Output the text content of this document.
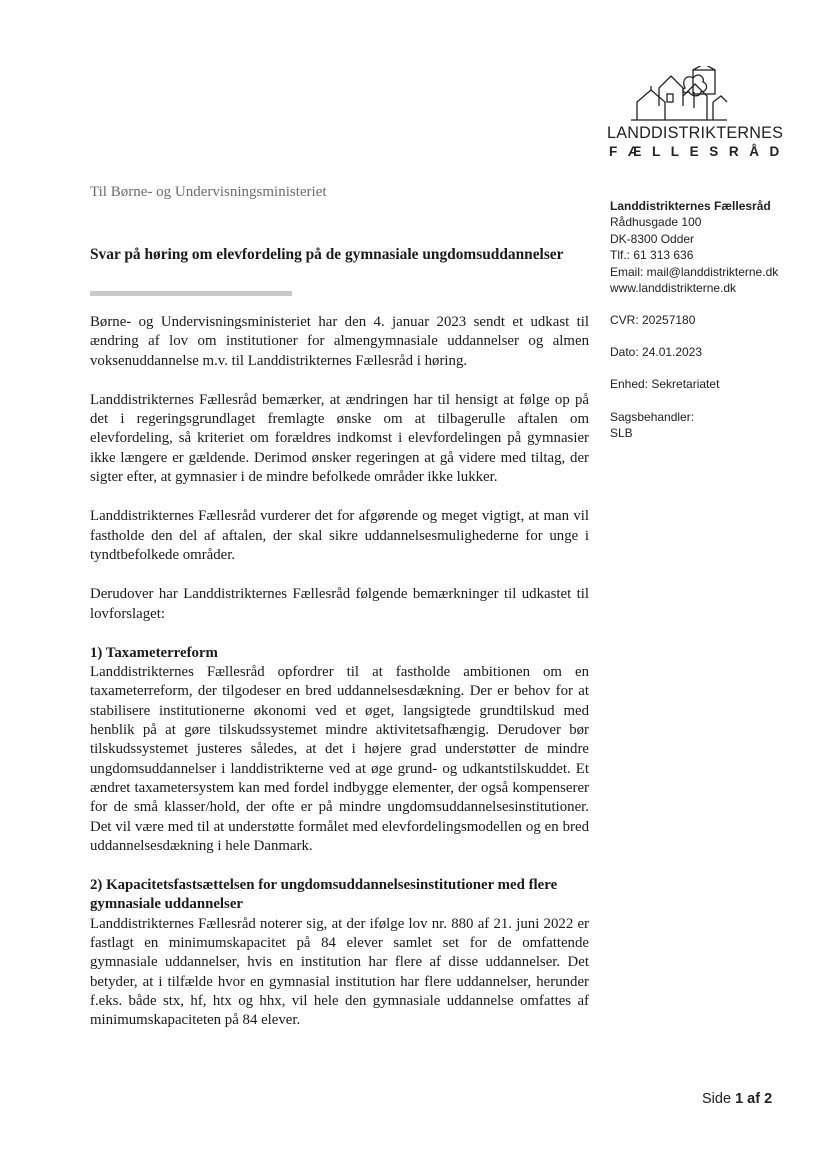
LANDDISTRIKTERNES
FÆLLESRÅD
Til Børne- og Undervisningsministeriet
Svar på høring om elevfordeling på de gymnasiale ungdomsuddannelser
Landdistrikternes Fællesråd
Rådhusgade 100
DK-8300 Odder
Tlf.: 61 313 636
Email: mail@landdistrikterne.dk
www.landdistrikterne.dk
CVR: 20257180
Dato: 24.01.2023
Enhed: Sekretariatet
Sagsbehandler:
SLB

Børne- og Undervisningsministeriet har den 4. januar 2023 sendt et udkast til ændring af lov om institutioner for almengymnasiale uddannelser og almen voksenuddannelse m.v. til Landdistrikternes Fællesråd i høring.

Landdistrikternes Fællesråd bemærker, at ændringen har til hensigt at følge op på det i regeringsgrundlaget fremlagte ønske om at tilbagerulle aftalen om elevfordeling, så kriteriet om forældres indkomst i elevfordelingen på gymnasier ikke længere er gældende. Derimod ønsker regeringen at gå videre med tiltag, der sigter efter, at gymnasier i de mindre befolkede områder ikke lukker.

Landdistrikternes Fællesråd vurderer det for afgørende og meget vigtigt, at man vil fastholde den del af aftalen, der skal sikre uddannelsesmulighederne for unge i tyndtbefolkede områder.

Derudover har Landdistrikternes Fællesråd følgende bemærkninger til udkastet til lovforslaget:

1) Taxameterreform

Landdistrikternes Fællesråd opfordrer til at fastholde ambitionen om en taxameterreform, der tilgodeser en bred uddannelsesdækning. Der er behov for at stabilisere institutionerne økonomi ved et øget, langsigtede grundtilskud med henblik på at gøre tilskudssystemet mindre aktivitetsafhængig. Derudover bør tilskudssystemet justeres således, at det i højere grad understøtter de mindre ungdomsuddannelser i landdistrikterne ved at øge grund- og udkantstilskuddet. Et ændret taxametersystem kan med fordel indbygge elementer, der også kompenserer for de små klasser/hold, der ofte er på mindre ungdomsuddannelsesinstitutioner. Det vil være med til at understøtte formålet med elevfordelingsmodellen og en bred uddannelsesdækning i hele Danmark.

2) Kapacitetsfastsættelsen for ungdomsuddannelsesinstitutioner med flere gymnasiale uddannelser

Landdistrikternes Fællesråd noterer sig, at der ifølge lov nr. 880 af 21. juni 2022 er fastlagt en minimumskapacitet på 84 elever samlet set for de omfattende gymnasiale uddannelser, hvis en institution har flere af disse uddannelser. Det betyder, at i tilfælde hvor en gymnasial institution har flere uddannelser, herunder f.eks. både stx, hf, htx og hhx, vil hele den gymnasiale uddannelse omfattes af minimumskapaciteten på 84 elever.

Side 1 af 2
